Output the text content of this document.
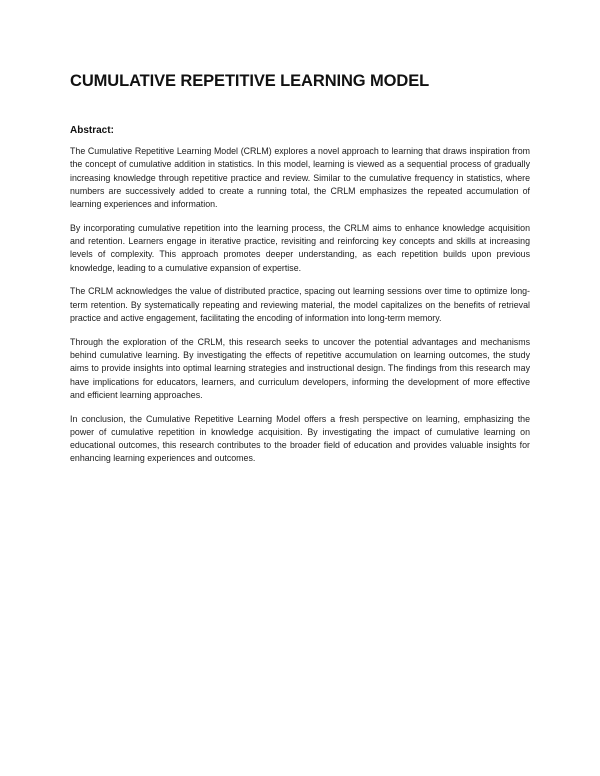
CUMULATIVE REPETITIVE LEARNING MODEL
Abstract:

The Cumulative Repetitive Learning Model (CRLM) explores a novel approach to learning that draws inspiration from the concept of cumulative addition in statistics. In this model, learning is viewed as a sequential process of gradually increasing knowledge through repetitive practice and review. Similar to the cumulative frequency in statistics, where numbers are successively added to create a running total, the CRLM emphasizes the repeated accumulation of learning experiences and information.

By incorporating cumulative repetition into the learning process, the CRLM aims to enhance knowledge acquisition and retention. Learners engage in iterative practice, revisiting and reinforcing key concepts and skills at increasing levels of complexity. This approach promotes deeper understanding, as each repetition builds upon previous knowledge, leading to a cumulative expansion of expertise.

The CRLM acknowledges the value of distributed practice, spacing out learning sessions over time to optimize long-term retention. By systematically repeating and reviewing material, the model capitalizes on the benefits of retrieval practice and active engagement, facilitating the encoding of information into long-term memory.

Through the exploration of the CRLM, this research seeks to uncover the potential advantages and mechanisms behind cumulative learning. By investigating the effects of repetitive accumulation on learning outcomes, the study aims to provide insights into optimal learning strategies and instructional design. The findings from this research may have implications for educators, learners, and curriculum developers, informing the development of more effective and efficient learning approaches.

In conclusion, the Cumulative Repetitive Learning Model offers a fresh perspective on learning, emphasizing the power of cumulative repetition in knowledge acquisition. By investigating the impact of cumulative learning on educational outcomes, this research contributes to the broader field of education and provides valuable insights for enhancing learning experiences and outcomes.
